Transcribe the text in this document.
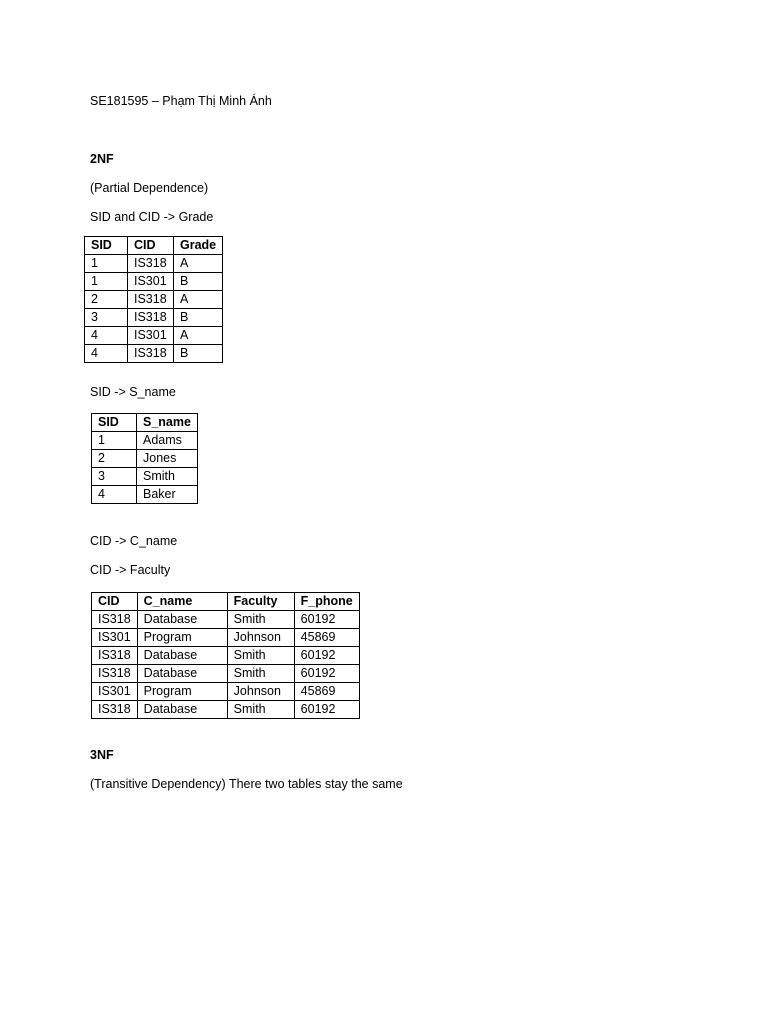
SE181595 – Phạm Thị Minh Ánh
2NF
(Partial Dependence)
SID and CID -> Grade
SID	CID	Grade
1	IS318	A
1	IS301	B
2	IS318	A
3	IS318	B
4	IS301	A
4	IS318	B
SID -> S_name
SID	S_name
1	Adams
2	Jones
3	Smith
4	Baker
CID -> C_name
CID -> Faculty
CID	C_name	Faculty	F_phone
IS318	Database	Smith	60192
IS301	Program	Johnson	45869
IS318	Database	Smith	60192
IS318	Database	Smith	60192
IS301	Program	Johnson	45869
IS318	Database	Smith	60192
3NF
(Transitive Dependency) There two tables stay the same
